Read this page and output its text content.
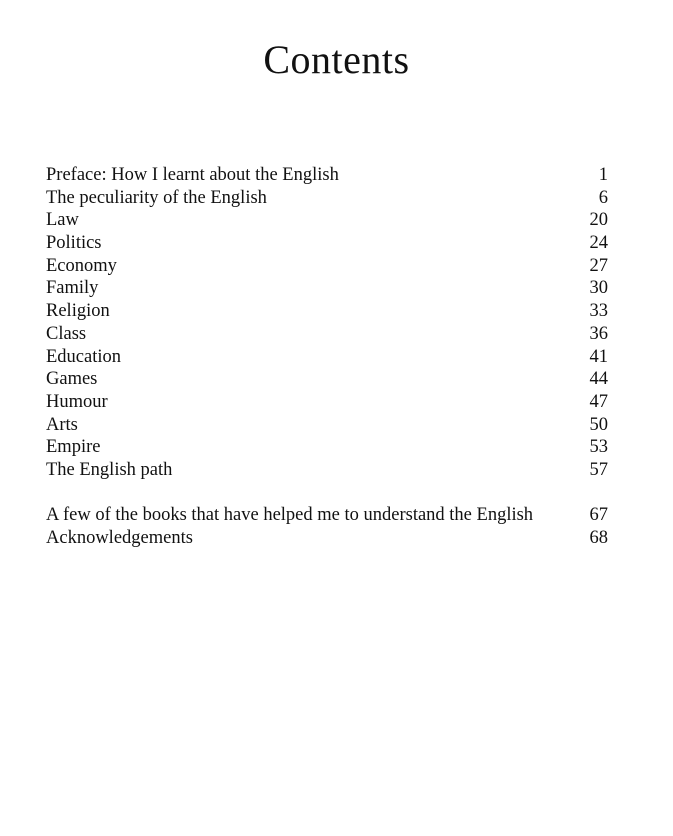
Contents
Preface: How I learnt about the English	1
The peculiarity of the English	6
Law	20
Politics	24
Economy	27
Family	30
Religion	33
Class	36
Education	41
Games	44
Humour	47
Arts	50
Empire	53
The English path	57
A few of the books that have helped me to understand the English	67
Acknowledgements	68
